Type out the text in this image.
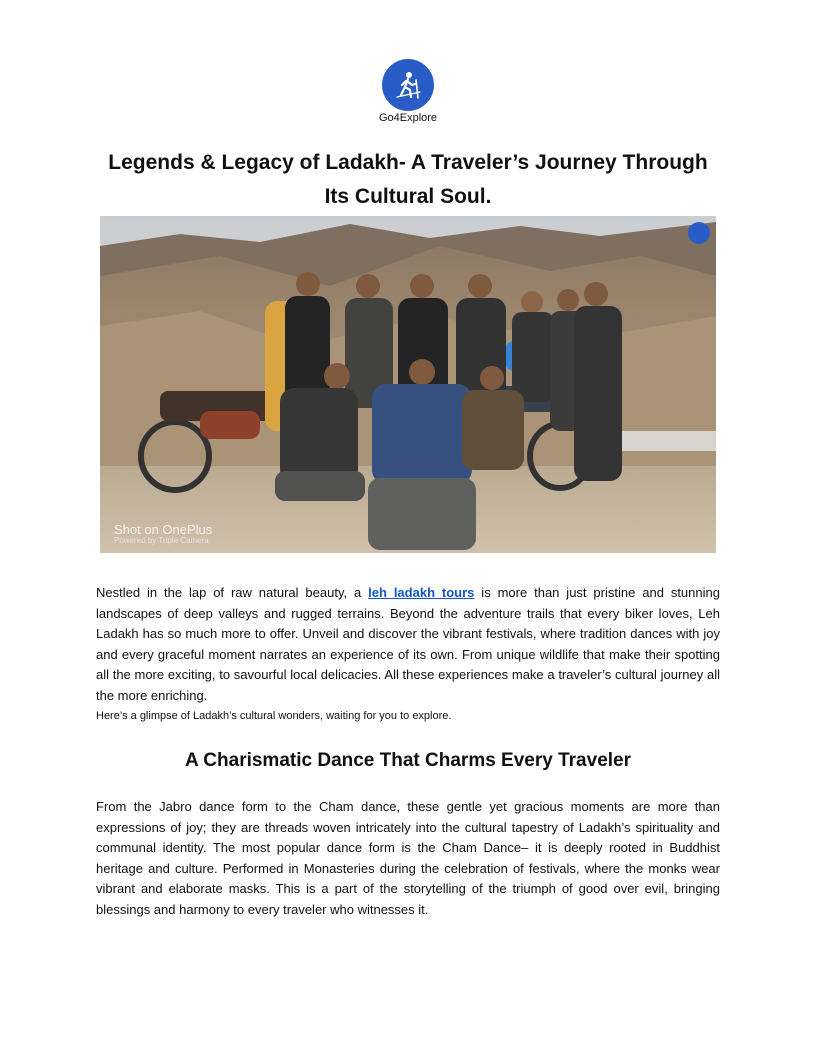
Go4Explore
Legends & Legacy of Ladakh- A Traveler’s Journey Through Its Cultural Soul.
Shot on OnePlus
Powered by Triple Camera

Nestled in the lap of raw natural beauty, a leh ladakh tours is more than just pristine and stunning landscapes of deep valleys and rugged terrains. Beyond the adventure trails that every biker loves, Leh Ladakh has so much more to offer. Unveil and discover the vibrant festivals, where tradition dances with joy and every graceful moment narrates an experience of its own. From unique wildlife that make their spotting all the more exciting, to savourful local delicacies. All these experiences make a traveler’s cultural journey all the more enriching.

Here’s a glimpse of Ladakh’s cultural wonders, waiting for you to explore.

A Charismatic Dance That Charms Every Traveler

From the Jabro dance form to the Cham dance, these gentle yet gracious moments are more than expressions of joy; they are threads woven intricately into the cultural tapestry of Ladakh’s spirituality and communal identity. The most popular dance form is the Cham Dance– it is deeply rooted in Buddhist heritage and culture. Performed in Monasteries during the celebration of festivals, where the monks wear vibrant and elaborate masks. This is a part of the storytelling of the triumph of good over evil, bringing blessings and harmony to every traveler who witnesses it.
